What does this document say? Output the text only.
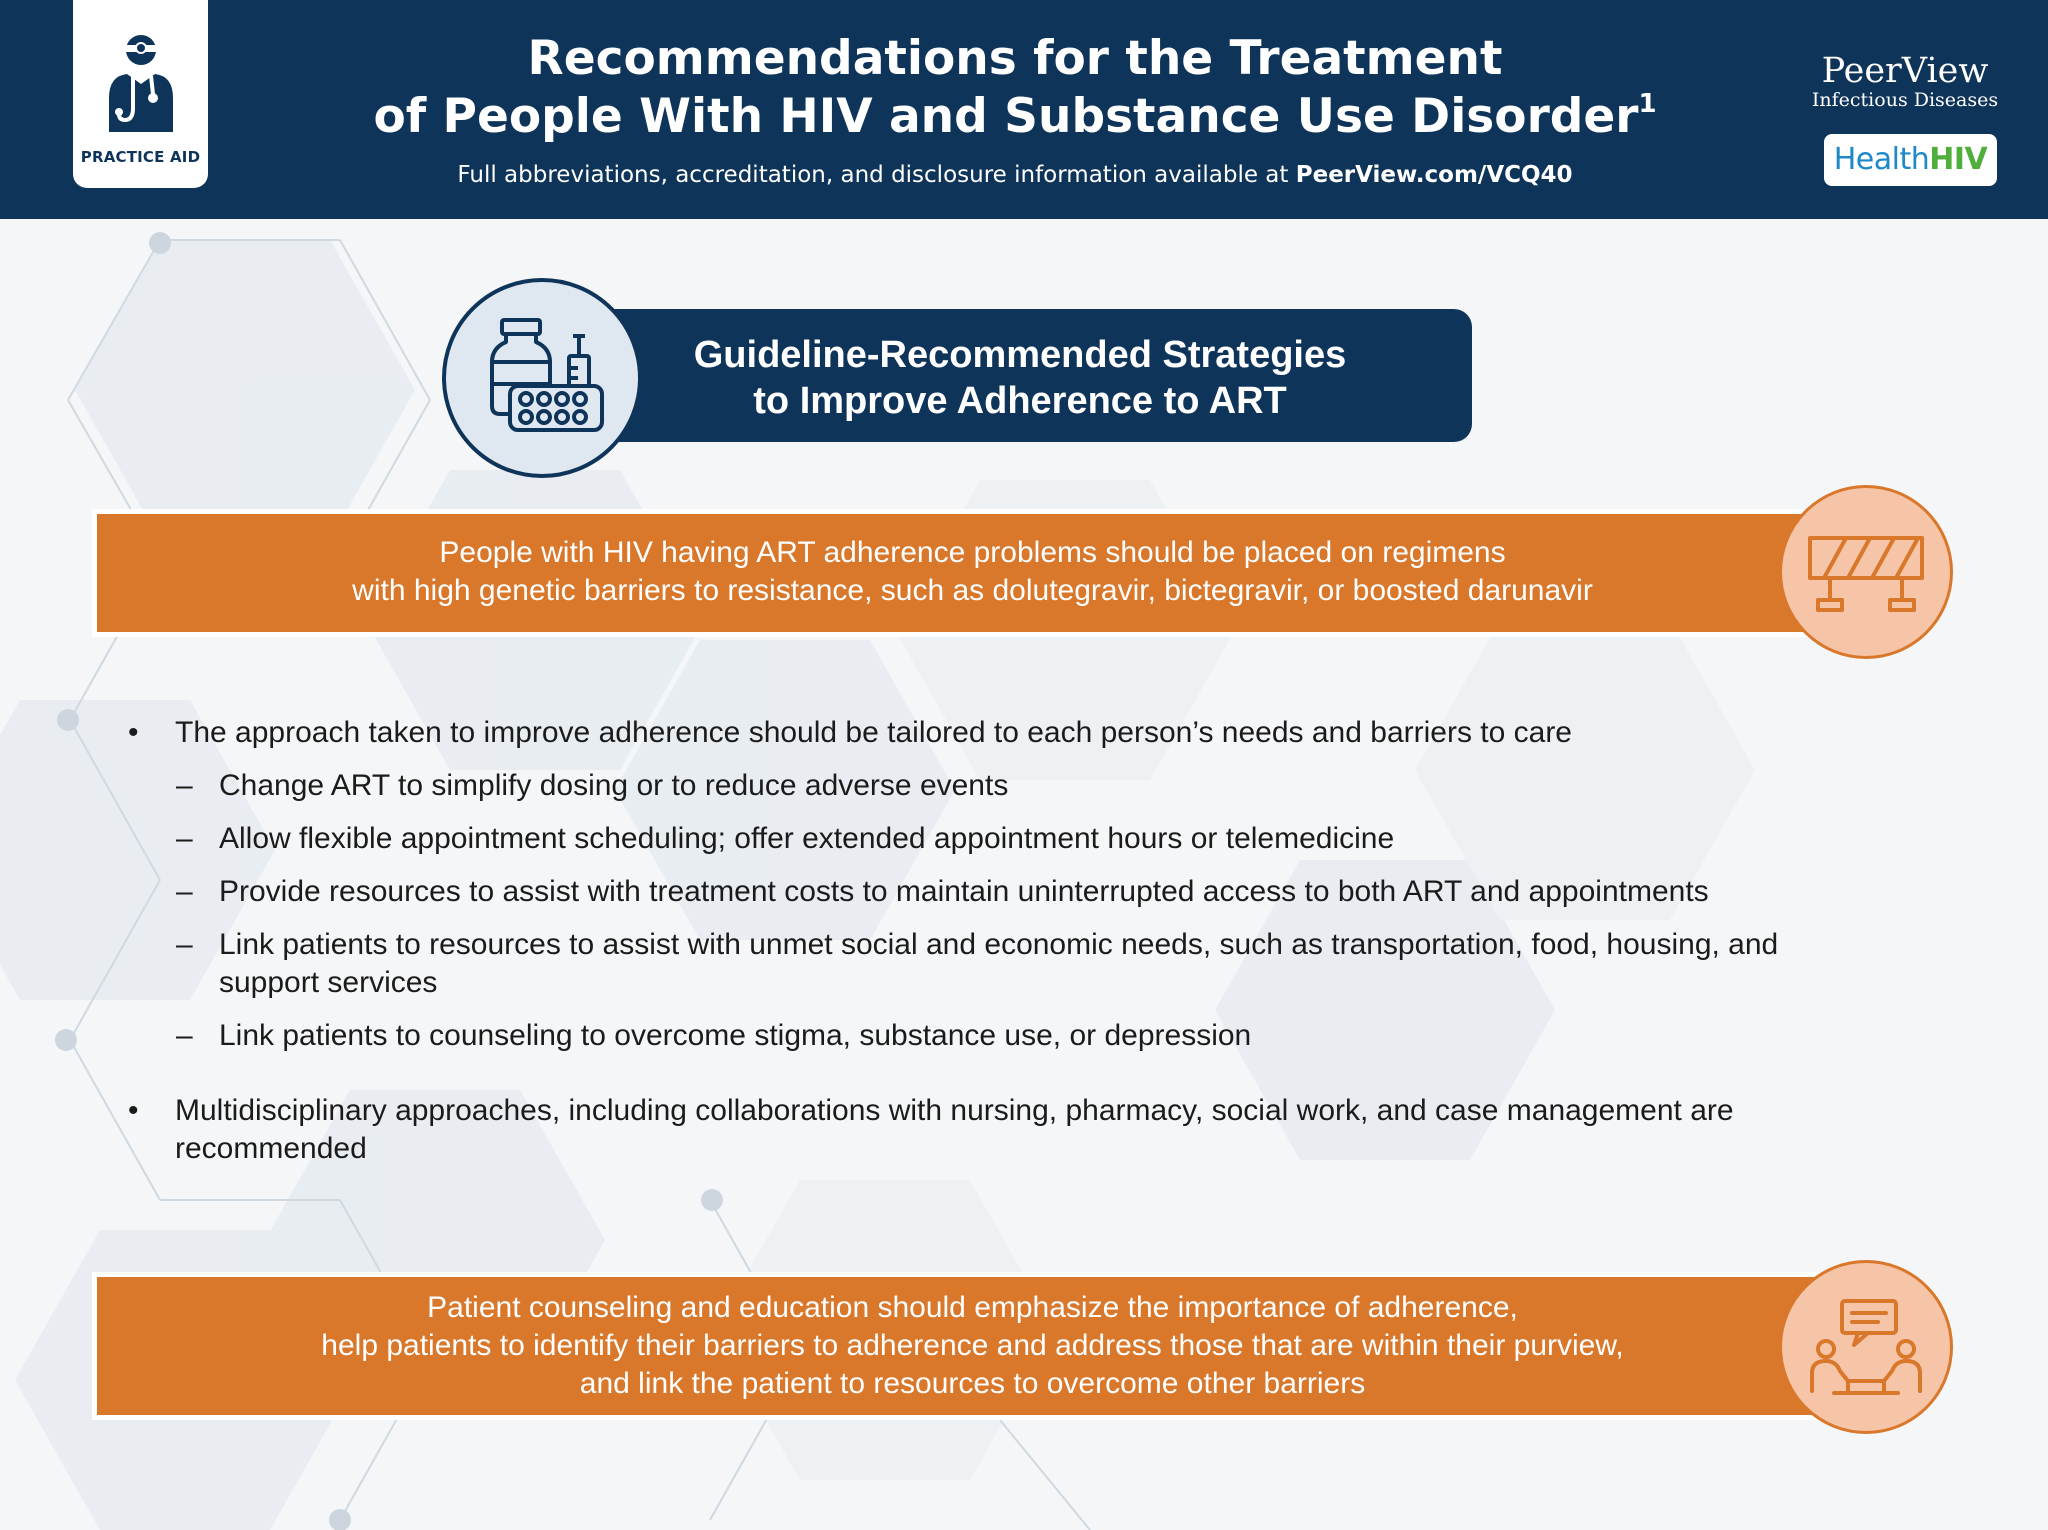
PRACTICE AID
Recommendations for the Treatment
of People With HIV and Substance Use Disorder$^1$
Full abbreviations, accreditation, and disclosure information available at PeerView.com/VCQ40
PeerView
Infectious Diseases
HealthHIV
Guideline-Recommended Strategies
to Improve Adherence to ART
People with HIV having ART adherence problems should be placed on regimens
with high genetic barriers to resistance, such as dolutegravir, bictegravir, or boosted darunavir
• The approach taken to improve adherence should be tailored to each person’s needs and barriers to care
– Change ART to simplify dosing or to reduce adverse events
– Allow flexible appointment scheduling; offer extended appointment hours or telemedicine
– Provide resources to assist with treatment costs to maintain uninterrupted access to both ART and appointments
– Link patients to resources to assist with unmet social and economic needs, such as transportation, food, housing, and support services
– Link patients to counseling to overcome stigma, substance use, or depression
• Multidisciplinary approaches, including collaborations with nursing, pharmacy, social work, and case management are recommended
Patient counseling and education should emphasize the importance of adherence,
help patients to identify their barriers to adherence and address those that are within their purview,
and link the patient to resources to overcome other barriers
